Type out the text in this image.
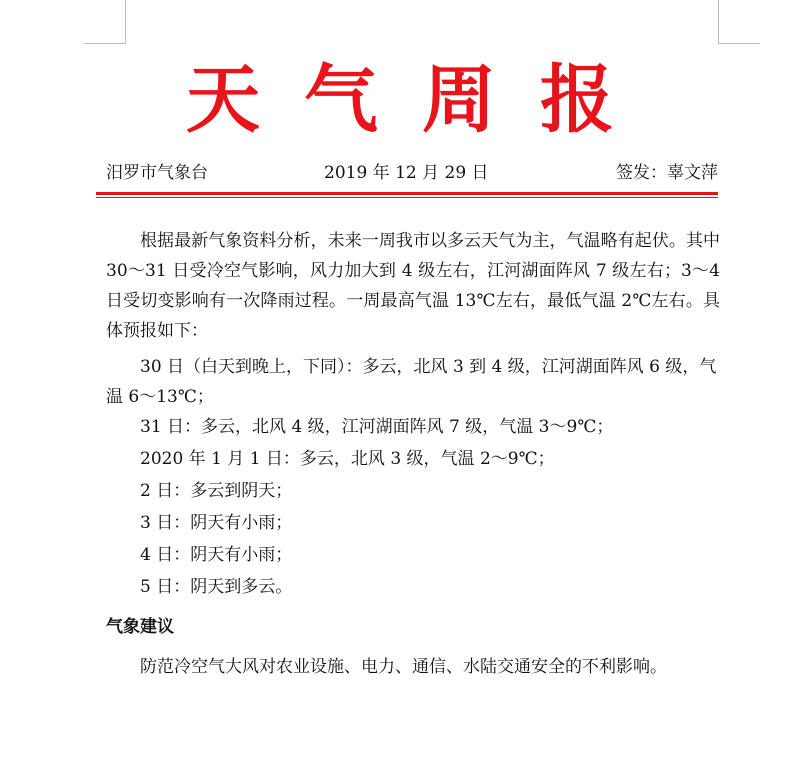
天气周报
汨罗市气象台	2019 年 12 月 29 日	签发：辜文萍

根据最新气象资料分析，未来一周我市以多云天气为主，气温略有起伏。其中 30～31 日受冷空气影响，风力加大到 4 级左右，江河湖面阵风 7 级左右；3～4 日受切变影响有一次降雨过程。一周最高气温 13℃左右，最低气温 2℃左右。具体预报如下：

30 日（白天到晚上，下同）：多云，北风 3 到 4 级，江河湖面阵风 6 级，气温 6～13℃；

31 日：多云，北风 4 级，江河湖面阵风 7 级，气温 3～9℃；

2020 年 1 月 1 日：多云，北风 3 级，气温 2～9℃；

2 日：多云到阴天；

3 日：阴天有小雨；

4 日：阴天有小雨；

5 日：阴天到多云。

气象建议

防范冷空气大风对农业设施、电力、通信、水陆交通安全的不利影响。
